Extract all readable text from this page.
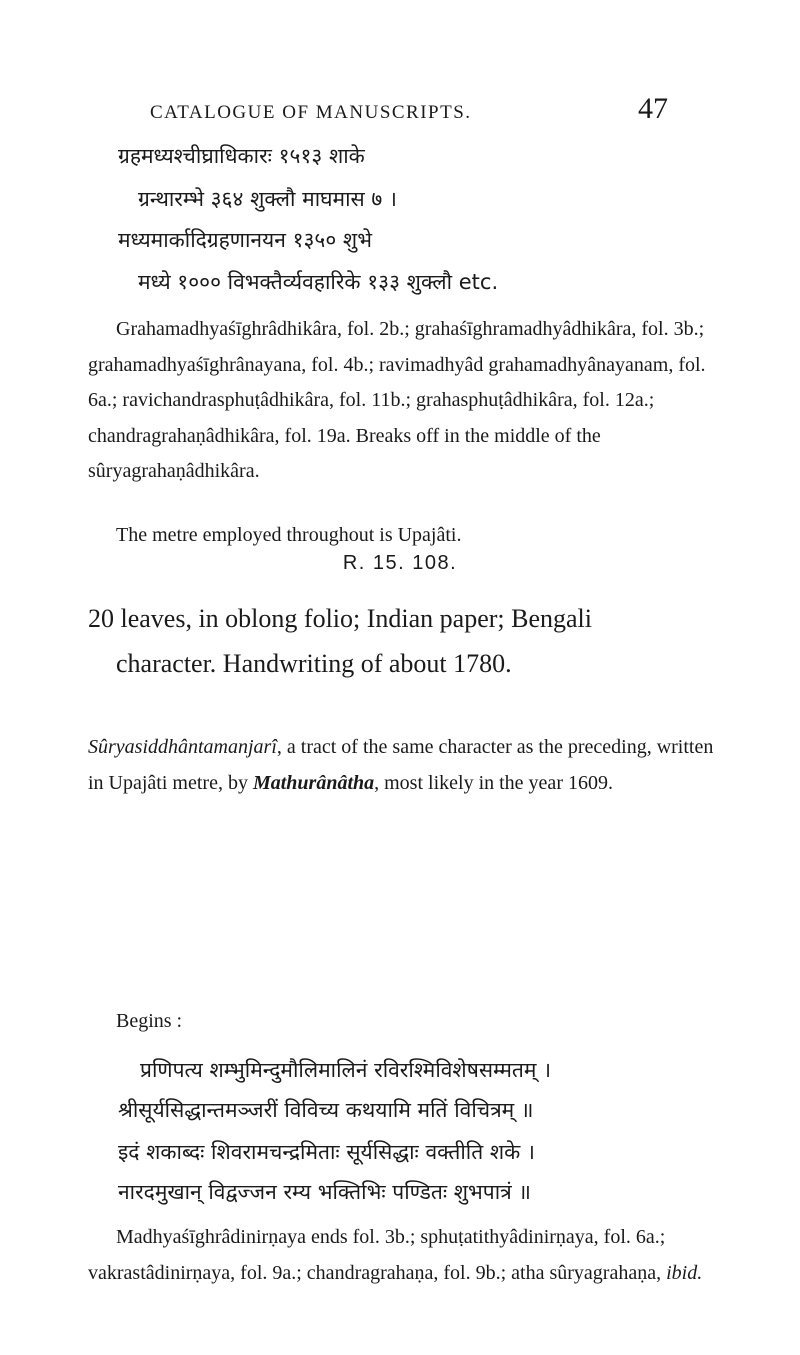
CATALOGUE OF MANUSCRIPTS.	47
ग्रहमध्यश्चीघ्राधिकारः १५१३ शाके
ग्रन्थारम्भे ३६४ शुक्लौ माघमास ७ ।
मध्यमार्कादिग्रहणानयन १३५० शुभे
मध्ये १००० विभक्तैर्व्यवहारिके १३३ शुक्लौ etc.

Grahamadhyaśīghrâdhikâra, fol. 2b.; grahaśīghramadhyâdhikâra, fol. 3b.; grahamadhyaśīghrânayana, fol. 4b.; ravimadhyâd grahamadhyânayanam, fol. 6a.; ravichandrasphuṭâdhikâra, fol. 11b.; grahasphuṭâdhikâra, fol. 12a.; chandragrahaṇâdhikâra, fol. 19a. Breaks off in the middle of the sûryagrahaṇâdhikâra.

The metre employed throughout is Upajâti.

R. 15. 108.
20 leaves, in oblong folio; Indian paper; Bengali
character. Handwriting of about 1780.

Sûryasiddhântamanjarî, a tract of the same character as the preceding, written in Upajâti metre, by Mathurânâtha, most likely in the year 1609.

Begins :
प्रणिपत्य शम्भुमिन्दुमौलिमालिनं रविरश्मिविशेषसम्मतम् ।
श्रीसूर्यसिद्धान्तमञ्जरीं विविच्य कथयामि मतिं विचित्रम् ॥
इदं शकाब्दः शिवरामचन्द्रमिताः सूर्यसिद्धाः वक्तीति शके ।
नारदमुखान् विद्वज्जन रम्य भक्तिभिः पण्डितः शुभपात्रं ॥

Madhyaśīghrâdinirṇaya ends fol. 3b.; sphuṭatithyâdinirṇaya, fol. 6a.; vakrastâdinirṇaya, fol. 9a.; chandragrahaṇa, fol. 9b.; atha sûryagrahaṇa, ibid.
